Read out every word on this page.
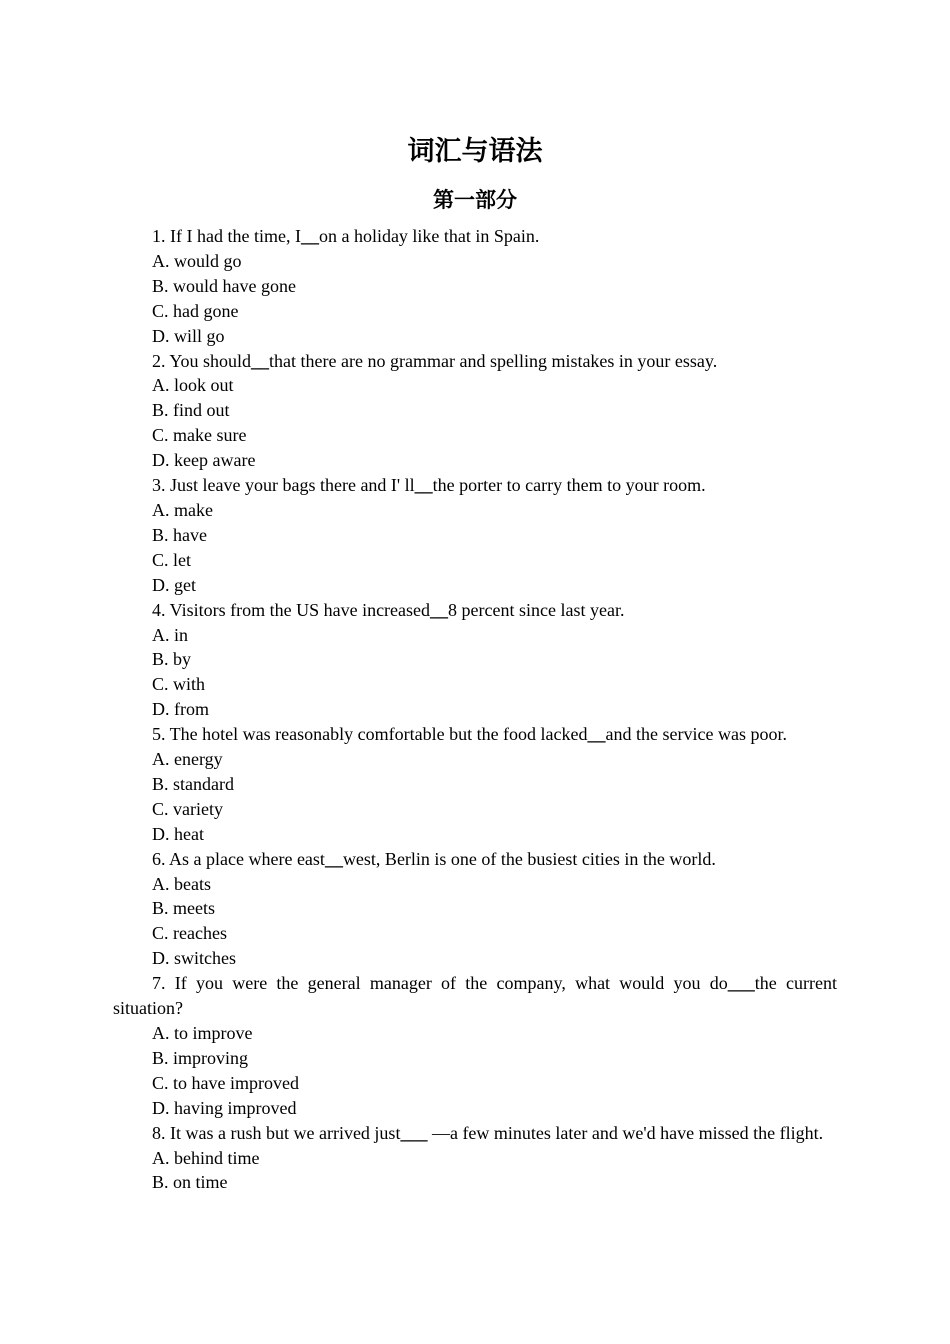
词汇与语法
第一部分
1. If I had the time, I__on a holiday like that in Spain.
A. would go
B. would have gone
C. had gone
D. will go
2. You should__that there are no grammar and spelling mistakes in your essay.
A. look out
B. find out
C. make sure
D. keep aware
3. Just leave your bags there and I' ll__the porter to carry them to your room.
A. make
B. have
C. let
D. get
4. Visitors from the US have increased__8 percent since last year.
A. in
B. by
C. with
D. from
5. The hotel was reasonably comfortable but the food lacked__and the service was poor.
A. energy
B. standard
C. variety
D. heat
6. As a place where east__west, Berlin is one of the busiest cities in the world.
A. beats
B. meets
C. reaches
D. switches
7. If you were the general manager of the company, what would you do___the current situation?
A. to improve
B. improving
C. to have improved
D. having improved
8. It was a rush but we arrived just___ —a few minutes later and we'd have missed the flight.
A. behind time
B. on time
